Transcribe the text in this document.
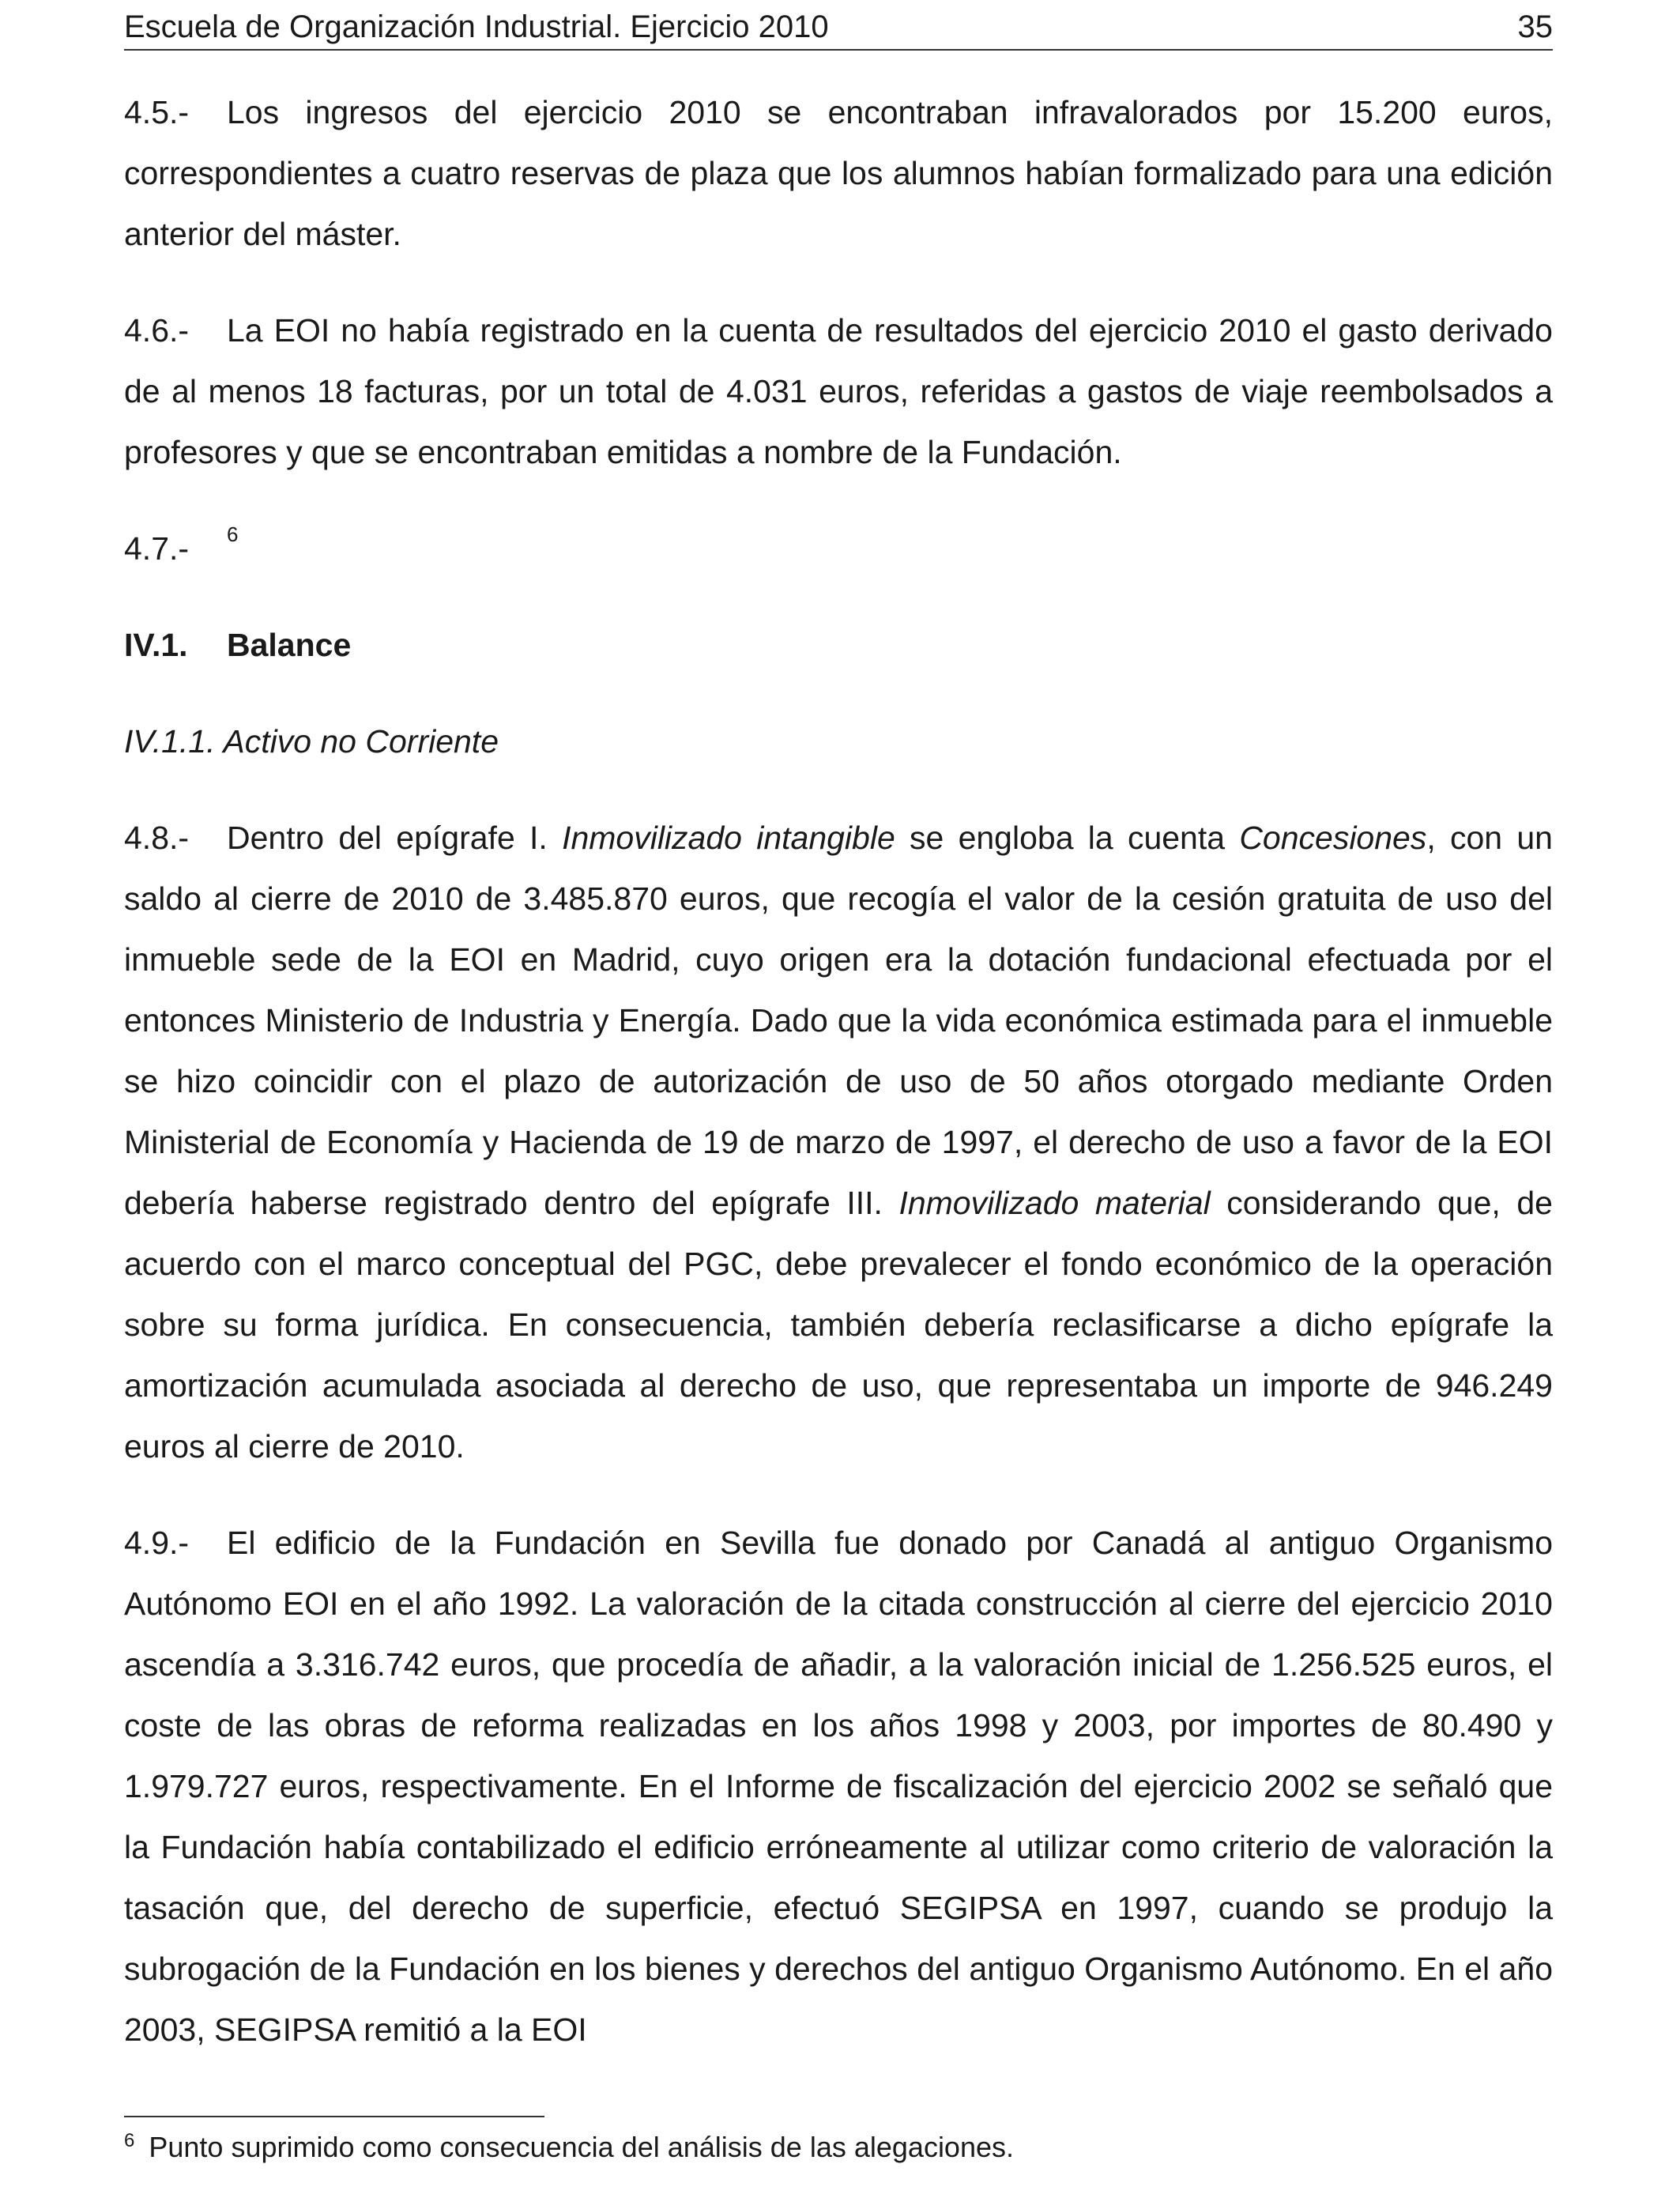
Escuela de Organización Industrial. Ejercicio 2010	35

4.5.- Los ingresos del ejercicio 2010 se encontraban infravalorados por 15.200 euros, correspondientes a cuatro reservas de plaza que los alumnos habían formalizado para una edición anterior del máster.

4.6.- La EOI no había registrado en la cuenta de resultados del ejercicio 2010 el gasto derivado de al menos 18 facturas, por un total de 4.031 euros, referidas a gastos de viaje reembolsados a profesores y que se encontraban emitidas a nombre de la Fundación.

4.7.- $^6$

IV.1. Balance
IV.1.1. Activo no Corriente

4.8.- Dentro del epígrafe I. Inmovilizado intangible se engloba la cuenta Concesiones, con un saldo al cierre de 2010 de 3.485.870 euros, que recogía el valor de la cesión gratuita de uso del inmueble sede de la EOI en Madrid, cuyo origen era la dotación fundacional efectuada por el entonces Ministerio de Industria y Energía. Dado que la vida económica estimada para el inmueble se hizo coincidir con el plazo de autorización de uso de 50 años otorgado mediante Orden Ministerial de Economía y Hacienda de 19 de marzo de 1997, el derecho de uso a favor de la EOI debería haberse registrado dentro del epígrafe III. Inmovilizado material considerando que, de acuerdo con el marco conceptual del PGC, debe prevalecer el fondo económico de la operación sobre su forma jurídica. En consecuencia, también debería reclasificarse a dicho epígrafe la amortización acumulada asociada al derecho de uso, que representaba un importe de 946.249 euros al cierre de 2010.

4.9.- El edificio de la Fundación en Sevilla fue donado por Canadá al antiguo Organismo Autónomo EOI en el año 1992. La valoración de la citada construcción al cierre del ejercicio 2010 ascendía a 3.316.742 euros, que procedía de añadir, a la valoración inicial de 1.256.525 euros, el coste de las obras de reforma realizadas en los años 1998 y 2003, por importes de 80.490 y 1.979.727 euros, respectivamente. En el Informe de fiscalización del ejercicio 2002 se señaló que la Fundación había contabilizado el edificio erróneamente al utilizar como criterio de valoración la tasación que, del derecho de superficie, efectuó SEGIPSA en 1997, cuando se produjo la subrogación de la Fundación en los bienes y derechos del antiguo Organismo Autónomo. En el año 2003, SEGIPSA remitió a la EOI

$^6$ Punto suprimido como consecuencia del análisis de las alegaciones.
